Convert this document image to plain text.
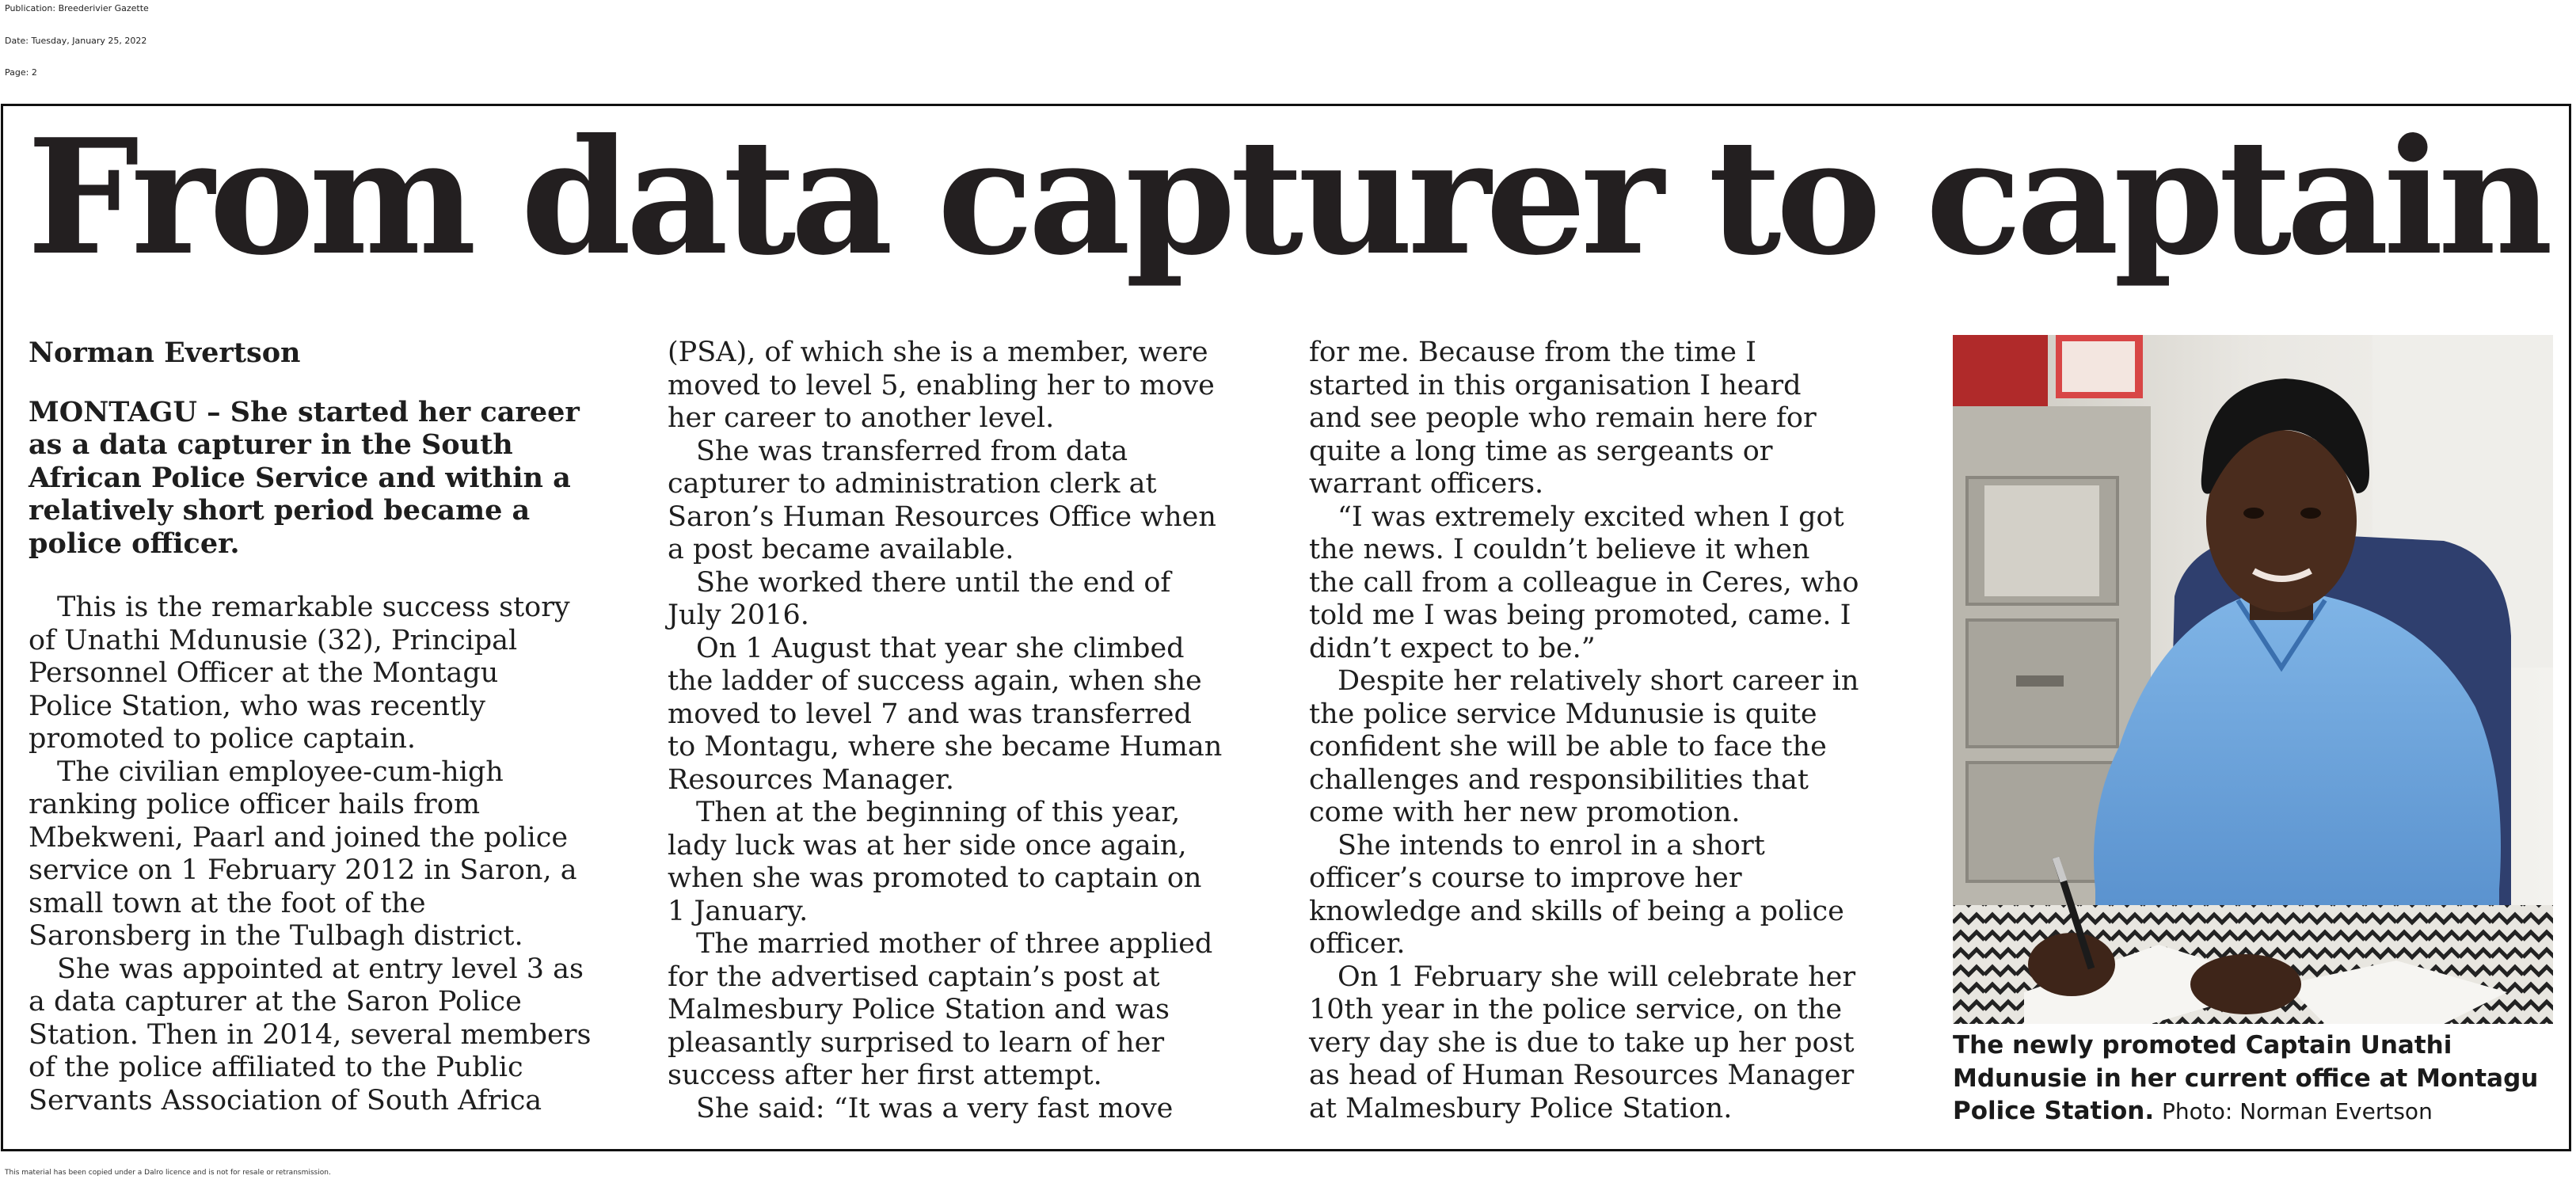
Publication: Breederivier Gazette
Date: Tuesday, January 25, 2022
Page: 2
From data capturer to captain

Norman Evertson

MONTAGU – She started her career

as a data capturer in the South

African Police Service and within a

relatively short period became a

police officer.

This is the remarkable success story

of Unathi Mdunusie (32), Principal

Personnel Officer at the Montagu

Police Station, who was recently

promoted to police captain.

The civilian employee-cum-high

ranking police officer hails from

Mbekweni, Paarl and joined the police

service on 1 February 2012 in Saron, a

small town at the foot of the

Saronsberg in the Tulbagh district.

She was appointed at entry level 3 as

a data capturer at the Saron Police

Station. Then in 2014, several members

of the police affiliated to the Public

Servants Association of South Africa

(PSA), of which she is a member, were

moved to level 5, enabling her to move

her career to another level.

She was transferred from data

capturer to administration clerk at

Saron’s Human Resources Office when

a post became available.

She worked there until the end of

July 2016.

On 1 August that year she climbed

the ladder of success again, when she

moved to level 7 and was transferred

to Montagu, where she became Human

Resources Manager.

Then at the beginning of this year,

lady luck was at her side once again,

when she was promoted to captain on

1 January.

The married mother of three applied

for the advertised captain’s post at

Malmesbury Police Station and was

pleasantly surprised to learn of her

success after her first attempt.

She said: “It was a very fast move

for me. Because from the time I

started in this organisation I heard

and see people who remain here for

quite a long time as sergeants or

warrant officers.

“I was extremely excited when I got

the news. I couldn’t believe it when

the call from a colleague in Ceres, who

told me I was being promoted, came. I

didn’t expect to be.”

Despite her relatively short career in

the police service Mdunusie is quite

confident she will be able to face the

challenges and responsibilities that

come with her new promotion.

She intends to enrol in a short

officer’s course to improve her

knowledge and skills of being a police

officer.

On 1 February she will celebrate her

10th year in the police service, on the

very day she is due to take up her post

as head of Human Resources Manager

at Malmesbury Police Station.

The newly promoted Captain Unathi
Mdunusie in her current office at Montagu
Police Station. Photo: Norman Evertson

This material has been copied under a Dalro licence and is not for resale or retransmission.
